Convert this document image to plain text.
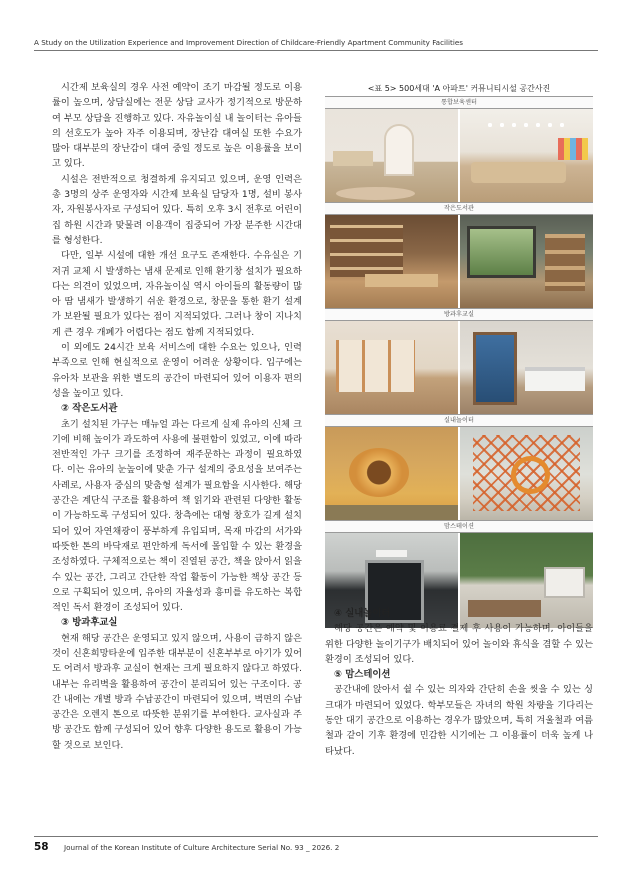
A Study on the Utilization Experience and Improvement Direction of Childcare-Friendly Apartment Community Facilities

시간제 보육실의 경우 사전 예약이 조기 마감될 정도로 이용률이 높으며, 상담실에는 전문 상담 교사가 정기적으로 방문하여 부모 상담을 진행하고 있다. 자유놀이실 내 놀이터는 유아들의 선호도가 높아 자주 이용되며, 장난감 대여실 또한 수요가 많아 대부분의 장난감이 대여 중일 정도로 높은 이용률을 보이고 있다.

시설은 전반적으로 청결하게 유지되고 있으며, 운영 인력은 총 3명의 상주 운영자와 시간제 보육실 담당자 1명, 설비 봉사자, 자원봉사자로 구성되어 있다. 특히 오후 3시 전후로 어린이집 하원 시간과 맞물려 이용객이 집중되어 가장 분주한 시간대를 형성한다.

다만, 일부 시설에 대한 개선 요구도 존재한다. 수유실은 기저귀 교체 시 발생하는 냄새 문제로 인해 환기창 설치가 필요하다는 의견이 있었으며, 자유놀이실 역시 아이들의 활동량이 많아 땀 냄새가 발생하기 쉬운 환경으로, 창문을 통한 환기 설계가 보완될 필요가 있다는 점이 지적되었다. 그러나 창이 지나치게 큰 경우 개폐가 어렵다는 점도 함께 지적되었다.

이 외에도 24시간 보육 서비스에 대한 수요는 있으나, 인력 부족으로 인해 현실적으로 운영이 어려운 상황이다. 입구에는 유아차 보관을 위한 별도의 공간이 마련되어 있어 이용자 편의성을 높이고 있다.

② 작은도서관

초기 설치된 가구는 매뉴얼 과는 다르게 실제 유아의 신체 크기에 비해 높이가 과도하여 사용에 불편함이 있었고, 이에 따라 전반적인 가구 크기를 조정하여 재주문하는 과정이 필요하였다. 이는 유아의 눈높이에 맞춘 가구 설계의 중요성을 보여주는 사례로, 사용자 중심의 맞춤형 설계가 필요함을 시사한다. 해당 공간은 계단식 구조를 활용하여 책 읽기와 관련된 다양한 활동이 가능하도록 구성되어 있다. 창측에는 대형 창호가 길게 설치되어 있어 자연채광이 풍부하게 유입되며, 목재 마감의 서가와 따뜻한 톤의 바닥재로 편안하게 독서에 몰입할 수 있는 환경을 조성하였다. 구체적으로는 책이 진열된 공간, 책을 앉아서 읽을 수 있는 공간, 그리고 간단한 작업 활동이 가능한 책상 공간 등으로 구획되어 있으며, 유아의 자율성과 흥미를 유도하는 복합적인 독서 환경이 조성되어 있다.

③ 방과후교실

현재 해당 공간은 운영되고 있지 않으며, 사용이 금하지 않은 것이 신혼희망타운에 입주한 대부분이 신혼부부로 아기가 있어도 어려서 방과후 교실이 현재는 크게 필요하지 않다고 하였다. 내부는 유리벽을 활용하여 공간이 분리되어 있는 구조이다. 공간 내에는 개별 방과 수납공간이 마련되어 있으며, 벽면의 수납공간은 오렌지 톤으로 따뜻한 분위기를 부여한다. 교사실과 주방 공간도 함께 구성되어 있어 향후 다양한 용도로 활용이 가능할 것으로 보인다.

<표 5> 500세대 'A 아파트' 커뮤니티시설 공간사진
통합보육센터
작은도서관
방과후교실
실내놀이터
맘스테이션
④ 실내놀이터

해당 공간은 예약 및 이용료 결제 후 사용이 가능하며, 아이들을 위한 다양한 놀이기구가 배치되어 있어 놀이와 휴식을 겸할 수 있는 환경이 조성되어 있다.

⑤ 맘스테이션

공간내에 앉아서 쉴 수 있는 의자와 간단히 손을 씻을 수 있는 싱크대가 마련되어 있었다. 학부모들은 자녀의 학원 차량을 기다리는 동안 대기 공간으로 이용하는 경우가 많았으며, 특히 겨울철과 여름철과 같이 기후 환경에 민감한 시기에는 그 이용률이 더욱 높게 나타났다.

58 Journal of the Korean Institute of Culture Architecture Serial No. 93 _ 2026. 2
